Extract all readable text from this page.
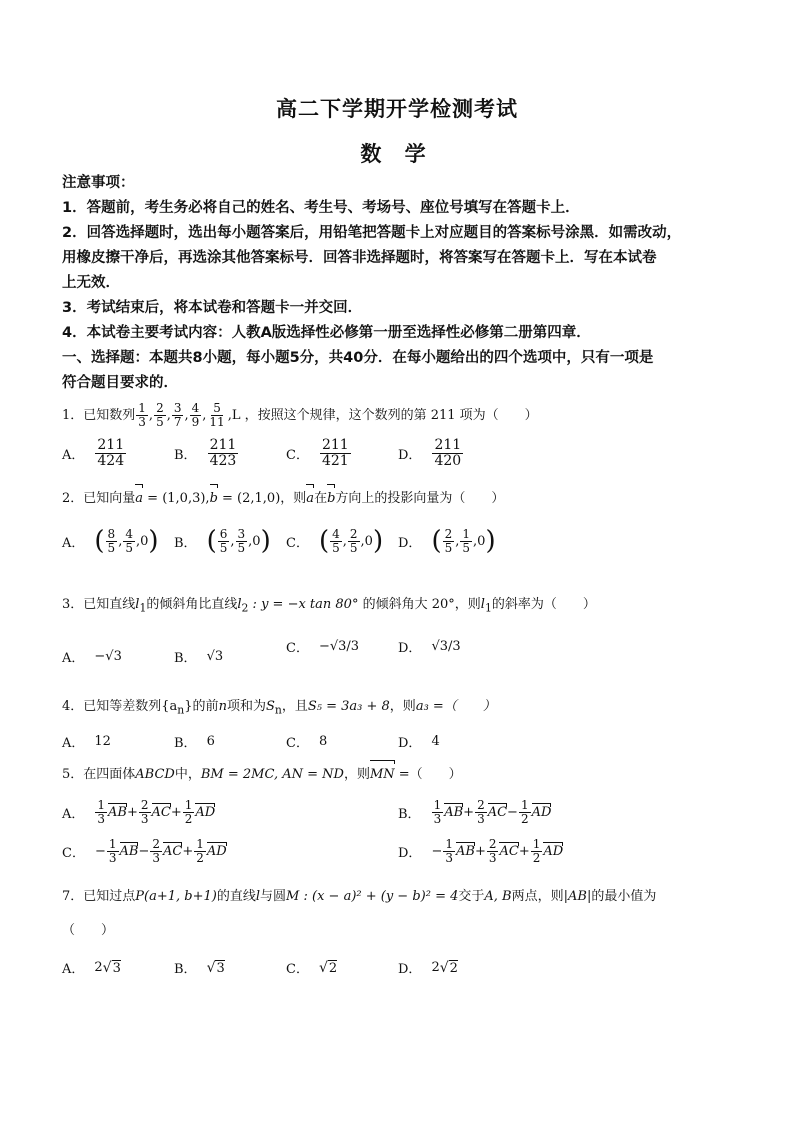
高二下学期开学检测考试
数 学
注意事项：
1．答题前，考生务必将自己的姓名、考生号、考场号、座位号填写在答题卡上．
2．回答选择题时，选出每小题答案后，用铅笔把答题卡上对应题目的答案标号涂黑．如需改动，
用橡皮擦干净后，再选涂其他答案标号．回答非选择题时，将答案写在答题卡上．写在本试卷
上无效．
3．考试结束后，将本试卷和答题卡一并交回．
4．本试卷主要考试内容：人教A版选择性必修第一册至选择性必修第二册第四章．
一、选择题：本题共8小题，每小题5分，共40分．在每小题给出的四个选项中，只有一项是
符合题目要求的．
1．已知数列 $\frac{1}{3}$ , $\frac{2}{5}$ , $\frac{3}{7}$ , $\frac{4}{9}$ , $\frac{5}{11} ,L$ ，按照这个规律，这个数列的第 211 项为（　　）
A． $\frac{211}{424}$	B． $\frac{211}{423}$	C． $\frac{211}{421}$	D． $\frac{211}{420}$
2．已知向量a = (1,0,3),b = (2,1,0)，则a在b方向上的投影向量为（　　）
A． ( $\frac{8}{5}$ , $\frac{4}{5}$ , 0 ) B． ( $\frac{6}{5}$ , $\frac{3}{5}$ , 0 ) C． ( $\frac{4}{5}$ , $\frac{2}{5}$ , 0 ) D． ( $\frac{2}{5}$ , $\frac{1}{5}$ , 0 )
3．已知直线$l_1$的倾斜角比直线$l_2$ : y = −x tan 80° 的倾斜角大 20°，则$l_1$的斜率为（　　）
A． −√3	B． √3
C． −√3/3	D． √3/3
4．已知等差数列$\{a_n\}$的前n项和为$S_n$，且S₅ = 3a₃ + 8，则a₃ =（　　）
A． 12	B． 6	C． 8	D． 4
5．在四面体ABCD中，BM = 2MC, AN = ND，则MN =（　　）
A． $\frac{1}{3}$ AB + $\frac{2}{3}$ AC + $\frac{1}{2}$ AD	B． $\frac{1}{3}$ AB + $\frac{2}{3}$ AC − $\frac{1}{2}$ AD
C． − $\frac{1}{3}$ AB − $\frac{2}{3}$ AC + $\frac{1}{2}$ AD	D． − $\frac{1}{3}$ AB + $\frac{2}{3}$ AC + $\frac{1}{2}$ AD
7．已知过点P(a+1, b+1)的直线l与圆M : (x − a)² + (y − b)² = 4交于A, B两点，则|AB|的最小值为
（　　）
A． 2 √ 3	B． √ 3	C． √ 2	D． 2 √ 2
